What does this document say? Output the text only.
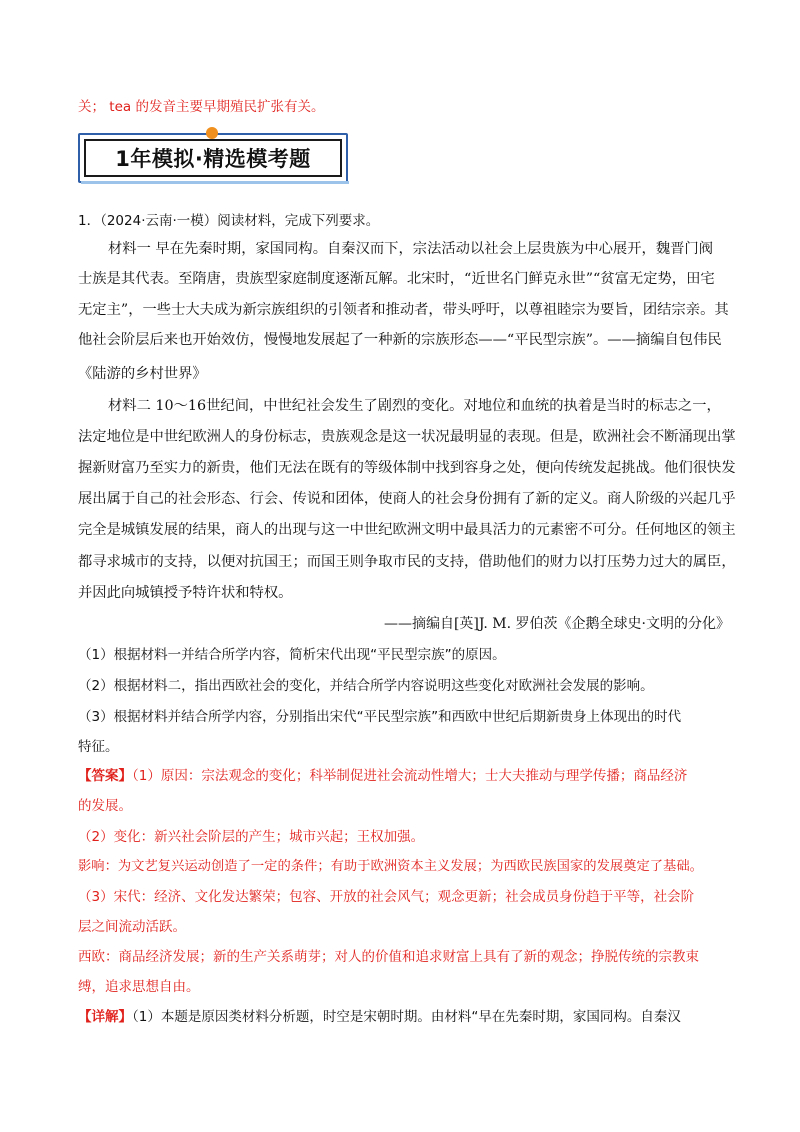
关； tea 的发音主要早期殖民扩张有关。
1年模拟·精选模考题
1．（2024·云南·一模）阅读材料，完成下列要求。
材料一 早在先秦时期，家国同构。自秦汉而下，宗法活动以社会上层贵族为中心展开，魏晋门阀
士族是其代表。至隋唐，贵族型家庭制度逐渐瓦解。北宋时，“近世名门鲜克永世”“贫富无定势，田宅
无定主”，一些士大夫成为新宗族组织的引领者和推动者，带头呼吁，以尊祖睦宗为要旨，团结宗亲。其
他社会阶层后来也开始效仿，慢慢地发展起了一种新的宗族形态——“平民型宗族”。——摘编自包伟民
《陆游的乡村世界》
材料二 10～16世纪间，中世纪社会发生了剧烈的变化。对地位和血统的执着是当时的标志之一，
法定地位是中世纪欧洲人的身份标志，贵族观念是这一状况最明显的表现。但是，欧洲社会不断涌现出掌
握新财富乃至实力的新贵，他们无法在既有的等级体制中找到容身之处，便向传统发起挑战。他们很快发
展出属于自己的社会形态、行会、传说和团体，使商人的社会身份拥有了新的定义。商人阶级的兴起几乎
完全是城镇发展的结果，商人的出现与这一中世纪欧洲文明中最具活力的元素密不可分。任何地区的领主
都寻求城市的支持，以便对抗国王；而国王则争取市民的支持，借助他们的财力以打压势力过大的属臣，
并因此向城镇授予特许状和特权。
——摘编自[英]J. M. 罗伯茨《企鹅全球史·文明的分化》
（1）根据材料一并结合所学内容，简析宋代出现“平民型宗族”的原因。
（2）根据材料二，指出西欧社会的变化，并结合所学内容说明这些变化对欧洲社会发展的影响。
（3）根据材料并结合所学内容，分别指出宋代“平民型宗族”和西欧中世纪后期新贵身上体现出的时代
特征。
【答案】（1）原因：宗法观念的变化；科举制促进社会流动性增大；士大夫推动与理学传播；商品经济
的发展。
（2）变化：新兴社会阶层的产生；城市兴起；王权加强。
影响：为文艺复兴运动创造了一定的条件；有助于欧洲资本主义发展；为西欧民族国家的发展奠定了基础。
（3）宋代：经济、文化发达繁荣；包容、开放的社会风气；观念更新；社会成员身份趋于平等，社会阶
层之间流动活跃。
西欧：商品经济发展；新的生产关系萌芽；对人的价值和追求财富上具有了新的观念；挣脱传统的宗教束
缚，追求思想自由。
【详解】（1）本题是原因类材料分析题，时空是宋朝时期。由材料“早在先秦时期，家国同构。自秦汉
